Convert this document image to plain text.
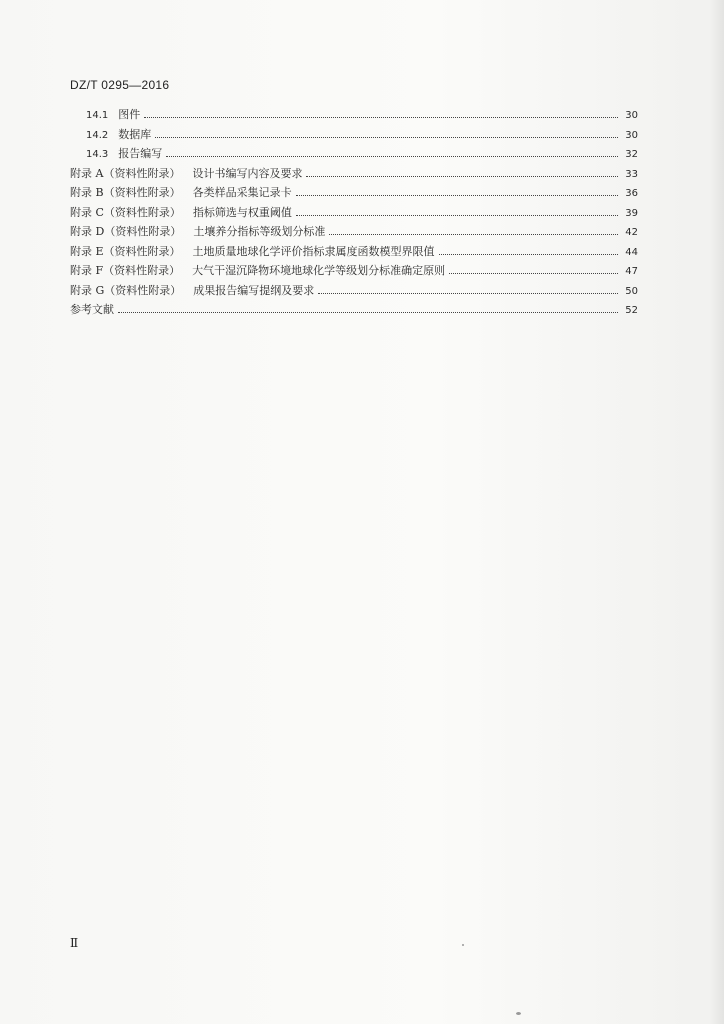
DZ/T 0295—2016
14.1 图件	30
14.2 数据库	30
14.3 报告编写	32
附录 A（资料性附录） 设计书编写内容及要求	33
附录 B（资料性附录） 各类样品采集记录卡	36
附录 C（资料性附录） 指标筛选与权重阈值	39
附录 D（资料性附录） 土壤养分指标等级划分标准	42
附录 E（资料性附录） 土地质量地球化学评价指标隶属度函数模型界限值	44
附录 F（资料性附录） 大气干湿沉降物环境地球化学等级划分标准确定原则	47
附录 G（资料性附录） 成果报告编写提纲及要求	50
参考文献	52
Ⅱ
